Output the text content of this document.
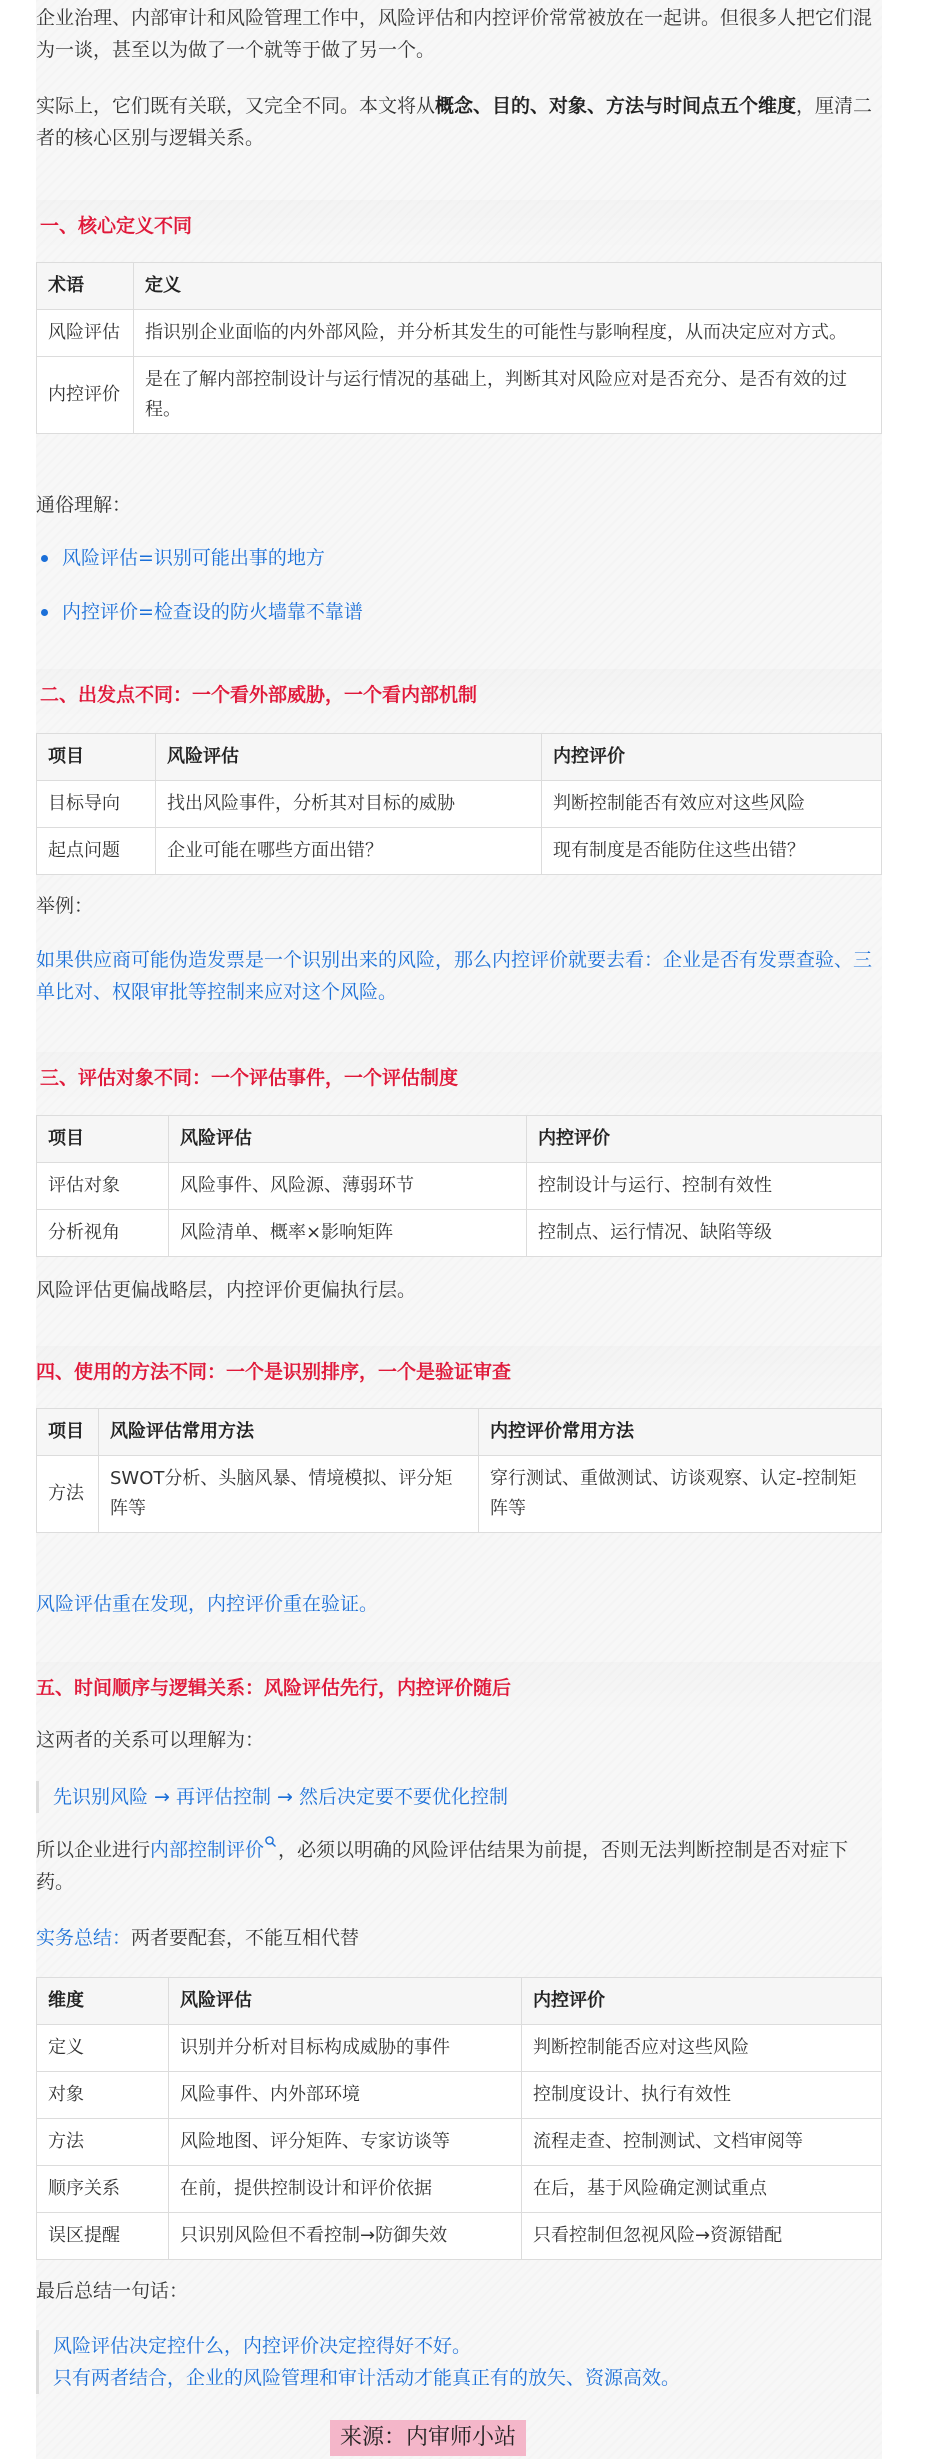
企业治理、内部审计和风险管理工作中，风险评估和内控评价常常被放在一起讲。但很多人把它们混为一谈，甚至以为做了一个就等于做了另一个。

实际上，它们既有关联，又完全不同。本文将从概念、目的、对象、方法与时间点五个维度，厘清二者的核心区别与逻辑关系。

一、核心定义不同
术语	定义
风险评估	指识别企业面临的内外部风险，并分析其发生的可能性与影响程度，从而决定应对方式。
内控评价	是在了解内部控制设计与运行情况的基础上，判断其对风险应对是否充分、是否有效的过程。

通俗理解：

风险评估=识别可能出事的地方
内控评价=检查设的防火墙靠不靠谱
二、出发点不同：一个看外部威胁，一个看内部机制
项目	风险评估	内控评价
目标导向	找出风险事件，分析其对目标的威胁	判断控制能否有效应对这些风险
起点问题	企业可能在哪些方面出错？	现有制度是否能防住这些出错？

举例：

如果供应商可能伪造发票是一个识别出来的风险，那么内控评价就要去看：企业是否有发票查验、三单比对、权限审批等控制来应对这个风险。

三、评估对象不同：一个评估事件，一个评估制度
项目	风险评估	内控评价
评估对象	风险事件、风险源、薄弱环节	控制设计与运行、控制有效性
分析视角	风险清单、概率×影响矩阵	控制点、运行情况、缺陷等级

风险评估更偏战略层，内控评价更偏执行层。

四、使用的方法不同：一个是识别排序，一个是验证审查
项目	风险评估常用方法	内控评价常用方法
方法	SWOT分析、头脑风暴、情境模拟、评分矩阵等	穿行测试、重做测试、访谈观察、认定-控制矩阵等

风险评估重在发现，内控评价重在验证。

五、时间顺序与逻辑关系：风险评估先行，内控评价随后

这两者的关系可以理解为：

先识别风险 → 再评估控制 → 然后决定要不要优化控制

所以企业进行内部控制评价 ，必须以明确的风险评估结果为前提，否则无法判断控制是否对症下药。

实务总结：两者要配套，不能互相代替

维度	风险评估	内控评价
定义	识别并分析对目标构成威胁的事件	判断控制能否应对这些风险
对象	风险事件、内外部环境	控制度设计、执行有效性
方法	风险地图、评分矩阵、专家访谈等	流程走查、控制测试、文档审阅等
顺序关系	在前，提供控制设计和评价依据	在后，基于风险确定测试重点
误区提醒	只识别风险但不看控制→防御失效	只看控制但忽视风险→资源错配

最后总结一句话：

风险评估决定控什么，内控评价决定控得好不好。
只有两者结合，企业的风险管理和审计活动才能真正有的放矢、资源高效。
来源：内审师小站
